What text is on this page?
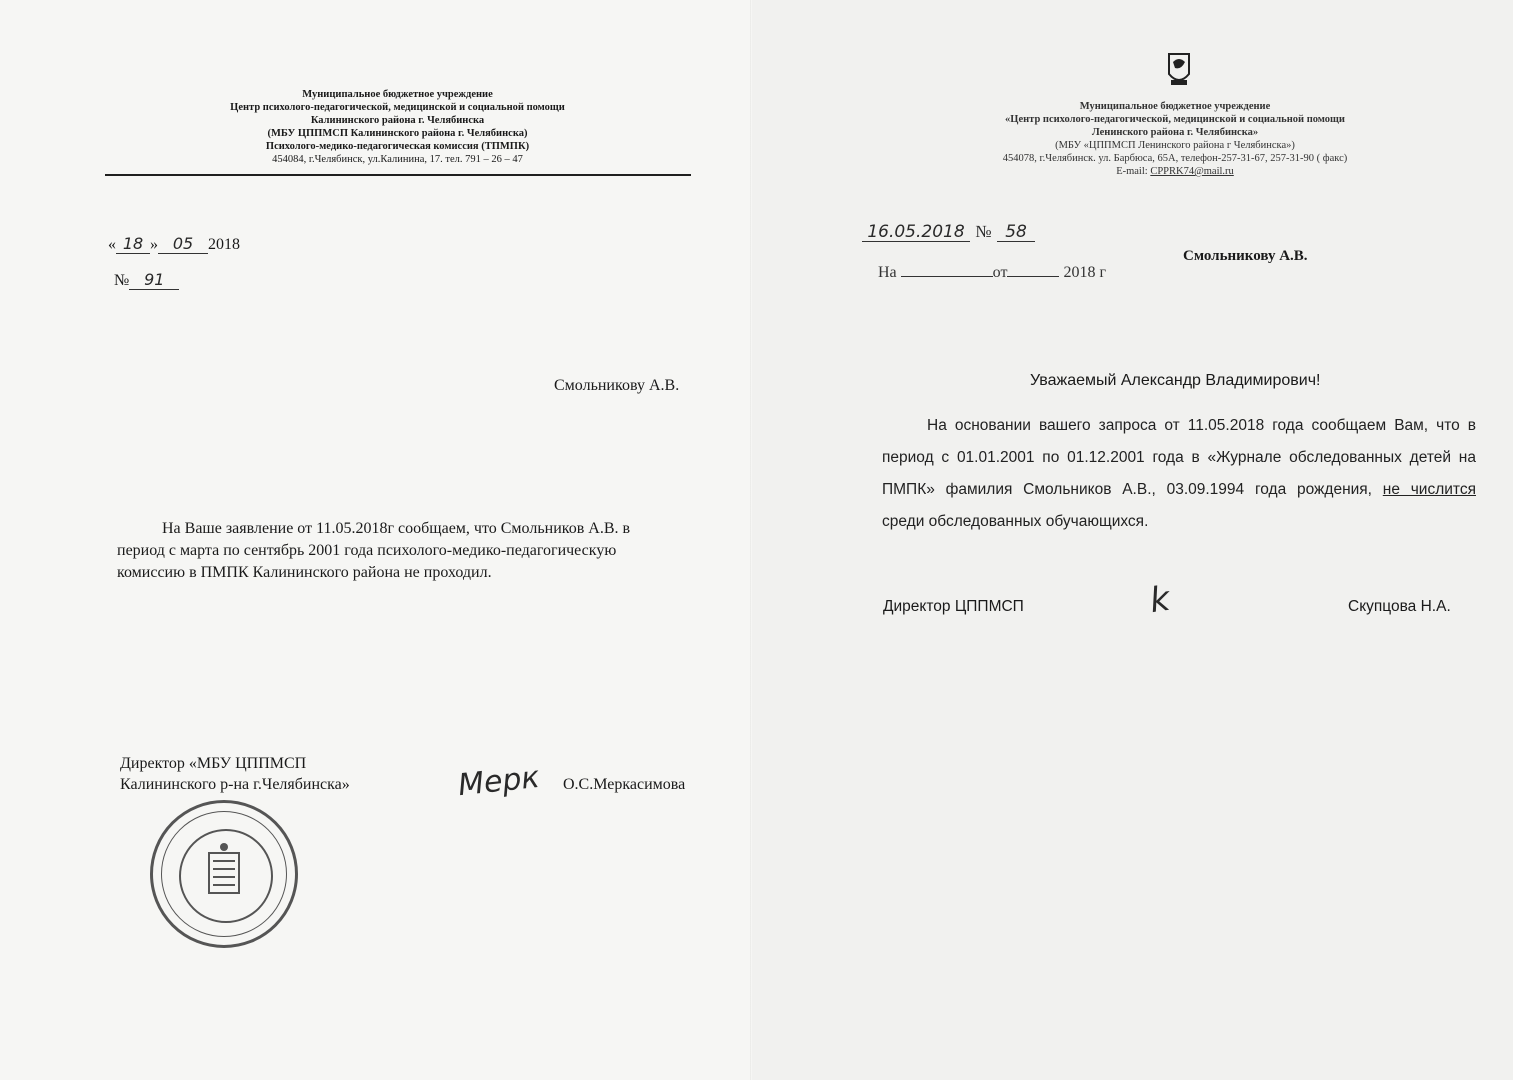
Муниципальное бюджетное учреждение
Центр психолого-педагогической, медицинской и социальной помощи
Калининского района г. Челябинска
(МБУ ЦППМСП Калининского района г. Челябинска)
Психолого-медико-педагогическая комиссия (ТПМПК)
454084, г.Челябинск, ул.Калинина, 17. тел. 791 – 26 – 47
« 18 » 05 2018
№ 91
Смольникову А.В.
На Ваше заявление от 11.05.2018г сообщаем, что Смольников А.В. в
период с марта по сентябрь 2001 года психолого-медико-педагогическую
комиссию в ПМПК Калининского района не проходил.
Директор «МБУ ЦППМСП
Калининского р-на г.Челябинска»	Мерк О.С.Меркасимова
Муниципальное бюджетное учреждение
«Центр психолого-педагогической, медицинской и социальной помощи
Ленинского района г. Челябинска»
(МБУ «ЦППМСП Ленинского района г Челябинска»)
454078, г.Челябинск. ул. Барбюса, 65А, телефон-257-31-67, 257-31-90 ( факс)
E-mail: CPPRK74@mail.ru
16.05.2018 № 58
На	от	2018 г
Смольникову А.В.
Уважаемый Александр Владимирович!
На основании вашего запроса от 11.05.2018 года сообщаем Вам, что в
период с 01.01.2001 по 01.12.2001 года в «Журнале обследованных детей на
ПМПК» фамилия Смольников А.В., 03.09.1994 года рождения, не числится
среди обследованных обучающихся.
Директор ЦППМСП	k	Скупцова Н.А.
